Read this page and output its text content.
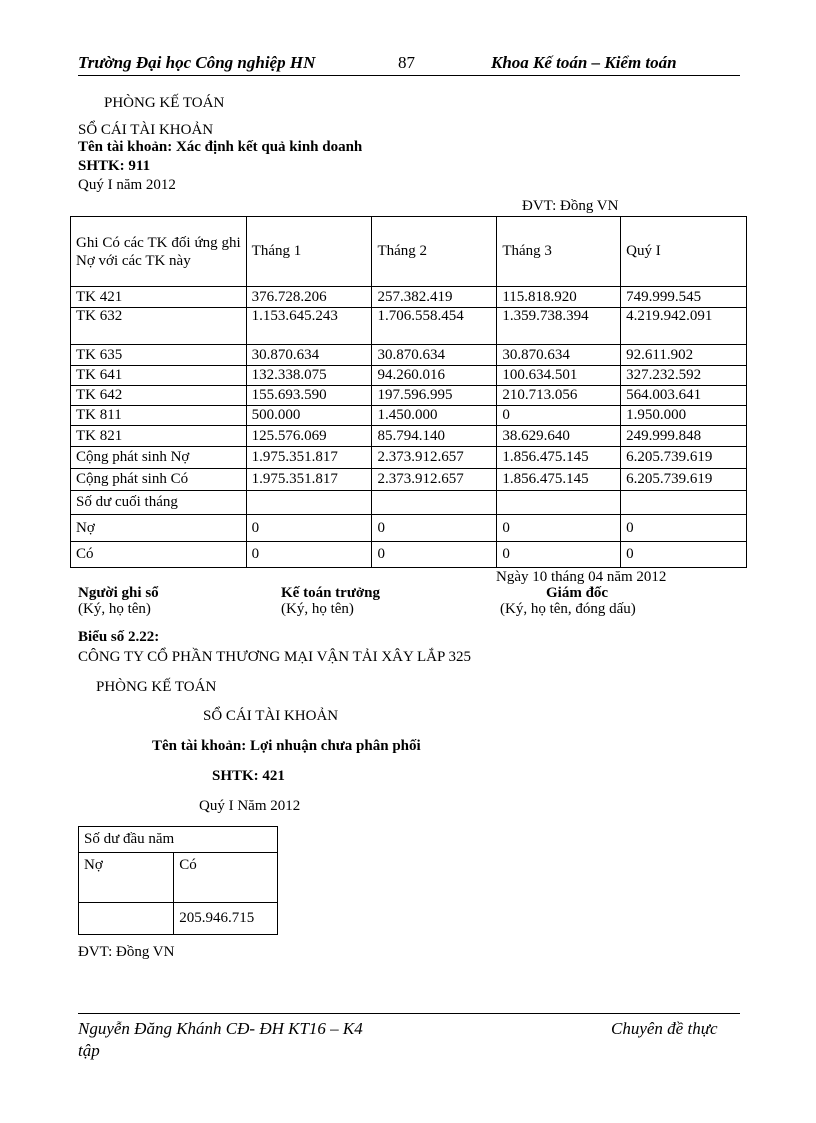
Trường Đại học Công nghiệp HN	87	Khoa Kế toán – Kiểm toán
PHÒNG KẾ TOÁN
SỔ CÁI TÀI KHOẢN
Tên tài khoản: Xác định kết quả kinh doanh
SHTK: 911
Quý I năm 2012
ĐVT: Đồng VN
Ghi Có các TK đối ứng ghi Nợ với các TK này	Tháng 1	Tháng 2	Tháng 3	Quý I
TK 421	376.728.206	257.382.419	115.818.920	749.999.545
TK 632	1.153.645.243	1.706.558.454	1.359.738.394	4.219.942.091
TK 635	30.870.634	30.870.634	30.870.634	92.611.902
TK 641	132.338.075	94.260.016	100.634.501	327.232.592
TK 642	155.693.590	197.596.995	210.713.056	564.003.641
TK 811	500.000	1.450.000	0	1.950.000
TK 821	125.576.069	85.794.140	38.629.640	249.999.848
Cộng phát sinh Nợ	1.975.351.817	2.373.912.657	1.856.475.145	6.205.739.619
Cộng phát sinh Có	1.975.351.817	2.373.912.657	1.856.475.145	6.205.739.619
Số dư cuối tháng				
Nợ	0	0	0	0
Có	0	0	0	0
Ngày 10 tháng 04 năm 2012
Người ghi sổ
(Ký, họ tên)
Kế toán trưởng
(Ký, họ tên)
Giám đốc
(Ký, họ tên, đóng dấu)
Biểu số 2.22:
CÔNG TY CỔ PHẦN THƯƠNG MẠI VẬN TẢI XÂY LẮP 325
PHÒNG KẾ TOÁN
SỔ CÁI TÀI KHOẢN
Tên tài khoản: Lợi nhuận chưa phân phối
SHTK: 421
Quý I Năm 2012
Số dư đầu năm	
Nợ	Có
	205.946.715
ĐVT: Đồng VN
Nguyễn Đăng Khánh CĐ- ĐH KT16 – K4	Chuyên đề thực
tập
